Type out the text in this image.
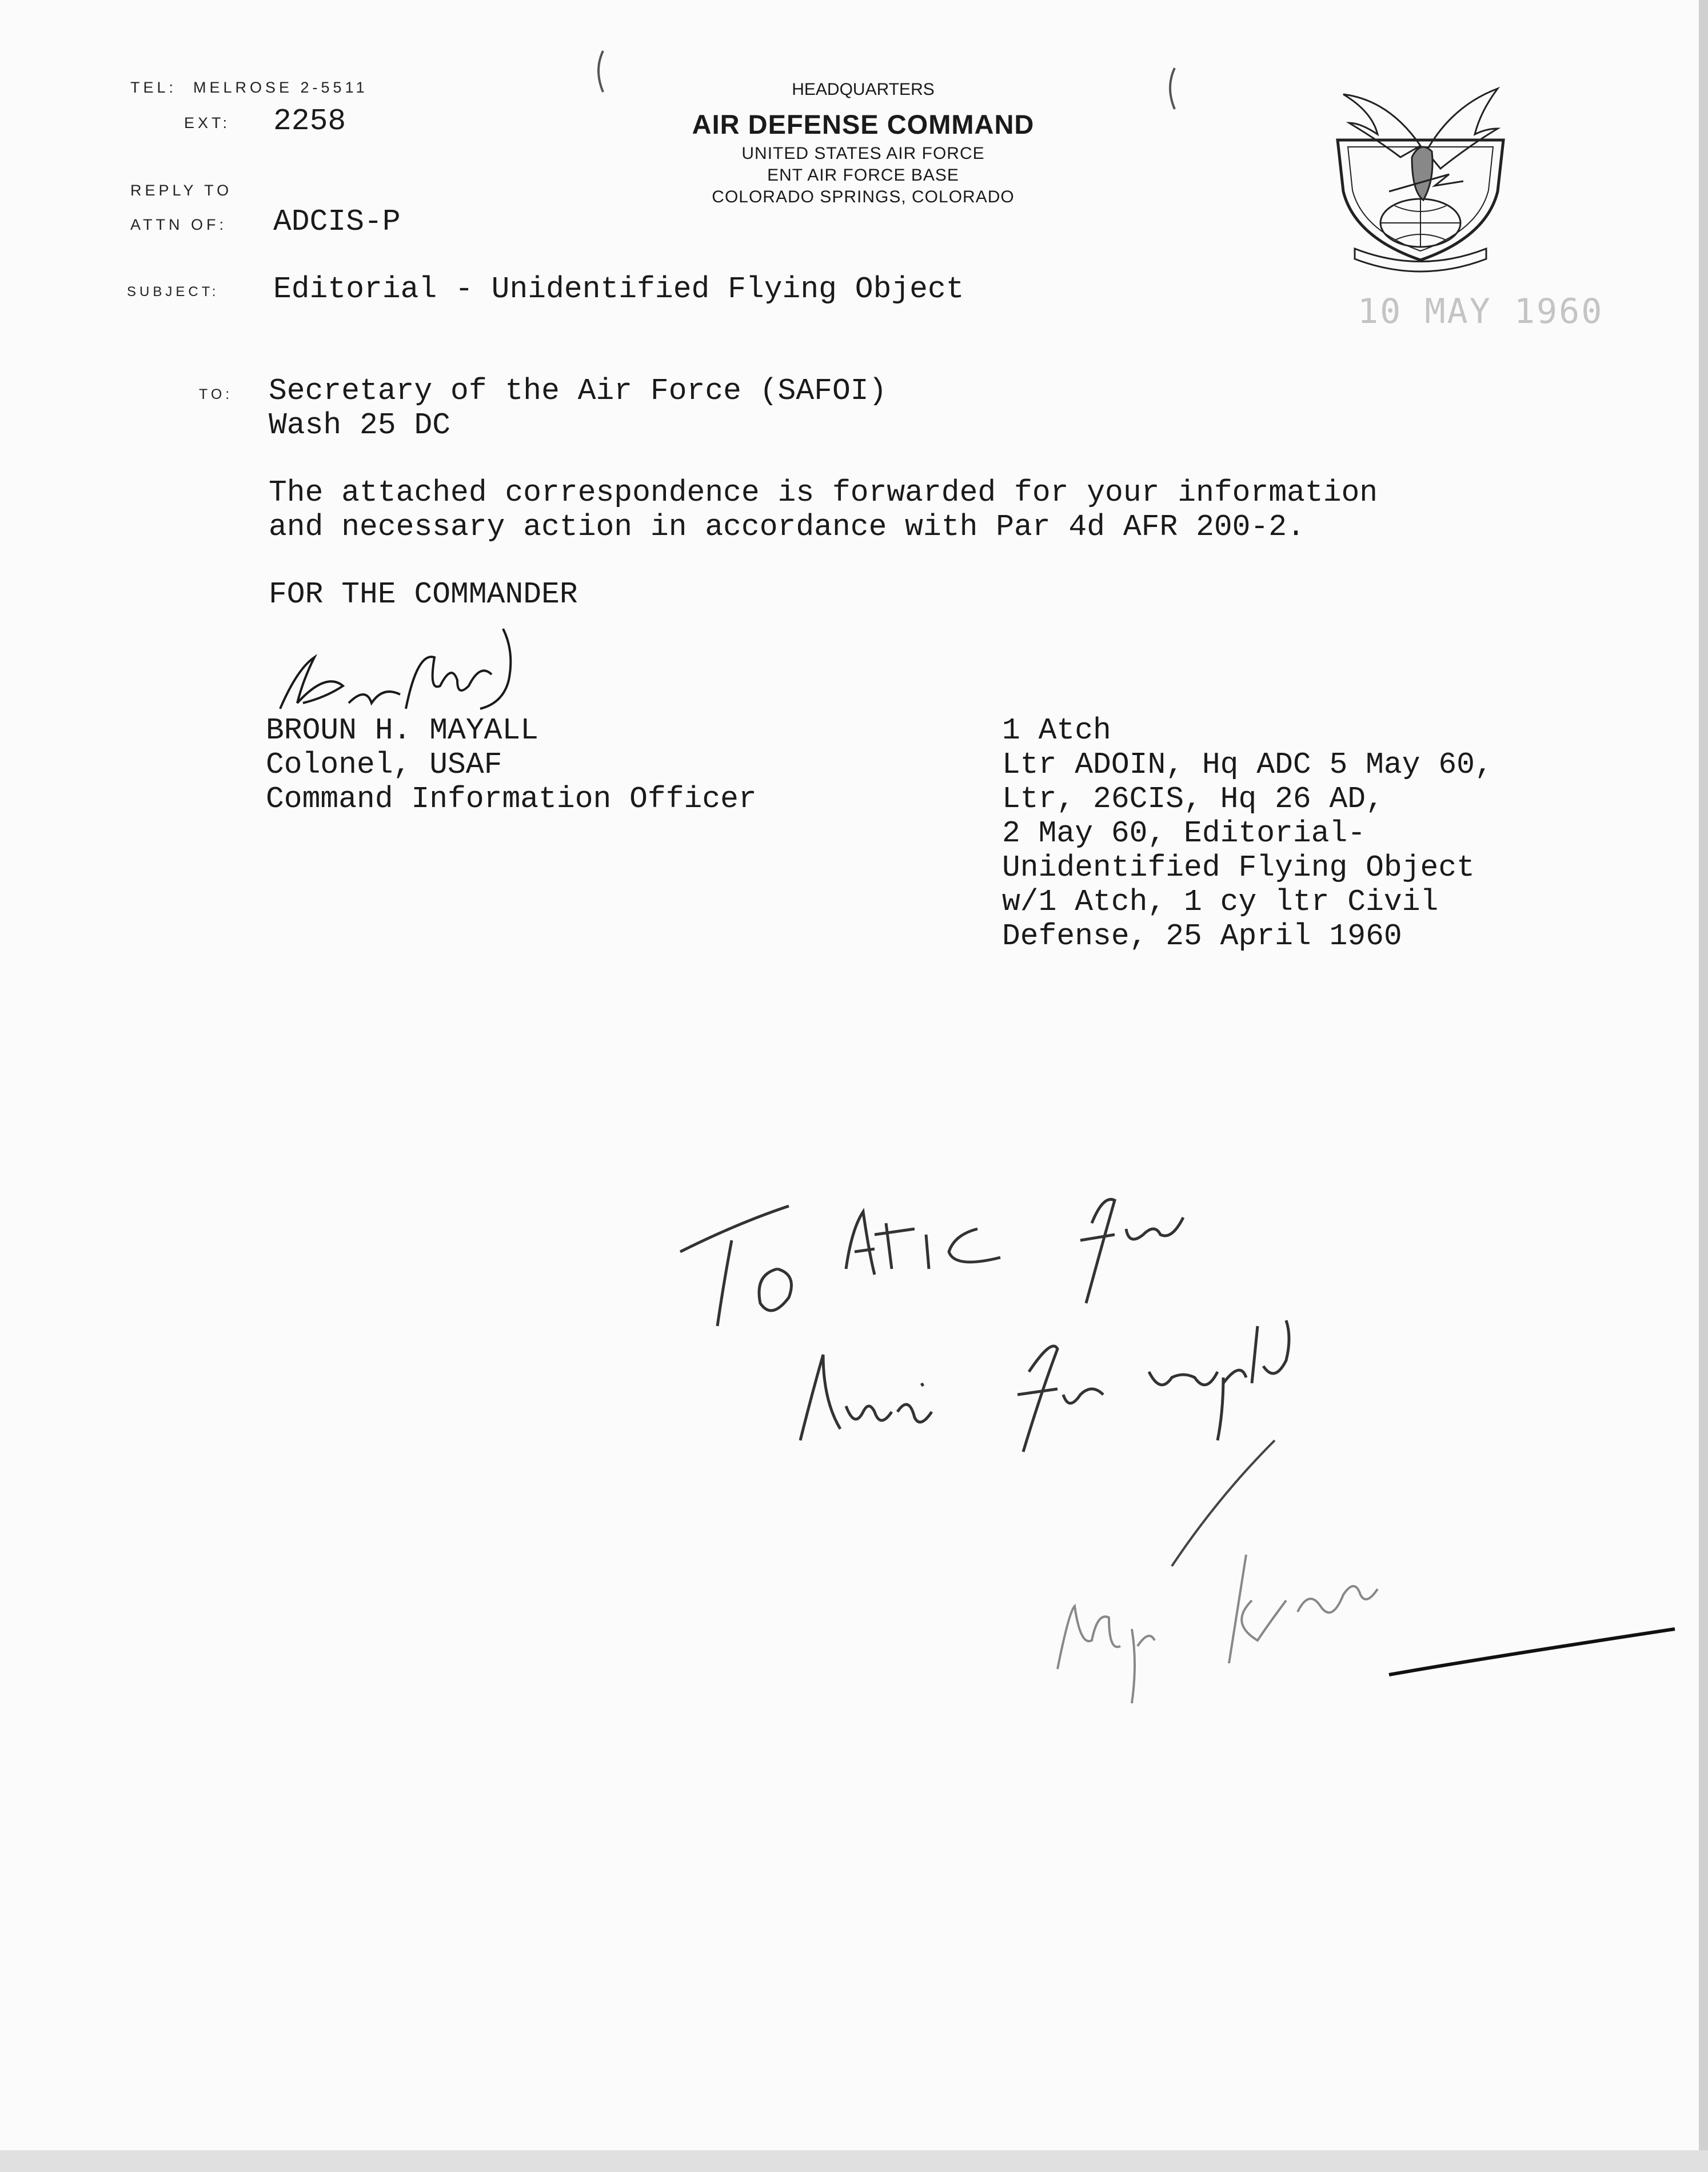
TEL: MELROSE 2-5511
EXT: 2258
REPLY TO
ATTN OF: ADCIS-P
SUBJECT: Editorial - Unidentified Flying Object
HEADQUARTERS
AIR DEFENSE COMMAND
UNITED STATES AIR FORCE
ENT AIR FORCE BASE
COLORADO SPRINGS, COLORADO
10 MAY 1960
TO: Secretary of the Air Force (SAFOI)
Wash 25 DC
The attached correspondence is forwarded for your information
and necessary action in accordance with Par 4d AFR 200-2.
FOR THE COMMANDER
BROUN H. MAYALL
Colonel, USAF
Command Information Officer
1 Atch
Ltr ADOIN, Hq ADC 5 May 60,
Ltr, 26CIS, Hq 26 AD,
2 May 60, Editorial-
Unidentified Flying Object
w/1 Atch, 1 cy ltr Civil
Defense, 25 April 1960
